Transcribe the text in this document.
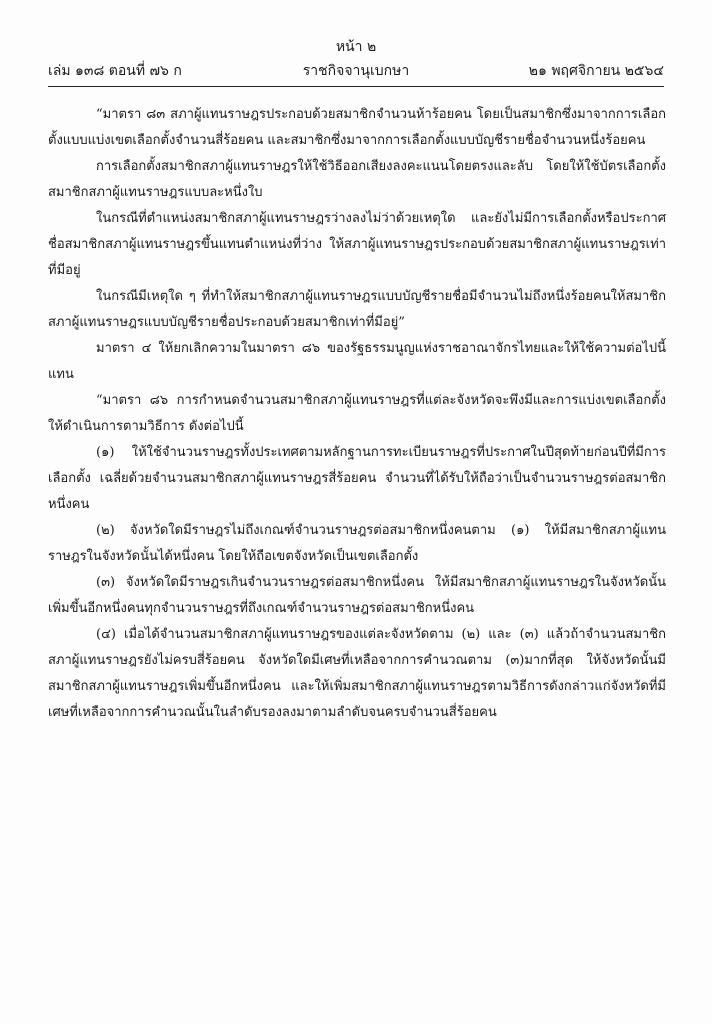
หน้า ๒
เล่ม ๑๓๘ ตอนที่ ๗๖ ก	ราชกิจจานุเบกษา	๒๑ พฤศจิกายน ๒๕๖๔

“มาตรา ๘๓ สภาผู้แทนราษฎรประกอบด้วยสมาชิกจำนวนห้าร้อยคน โดยเป็นสมาชิกซึ่งมาจากการเลือกตั้งแบบแบ่งเขตเลือกตั้งจำนวนสี่ร้อยคน และสมาชิกซึ่งมาจากการเลือกตั้งแบบบัญชีรายชื่อจำนวนหนึ่งร้อยคน

การเลือกตั้งสมาชิกสภาผู้แทนราษฎรให้ใช้วิธีออกเสียงลงคะแนนโดยตรงและลับ โดยให้ใช้บัตรเลือกตั้งสมาชิกสภาผู้แทนราษฎรแบบละหนึ่งใบ

ในกรณีที่ตำแหน่งสมาชิกสภาผู้แทนราษฎรว่างลงไม่ว่าด้วยเหตุใด และยังไม่มีการเลือกตั้งหรือประกาศชื่อสมาชิกสภาผู้แทนราษฎรขึ้นแทนตำแหน่งที่ว่าง ให้สภาผู้แทนราษฎรประกอบด้วยสมาชิกสภาผู้แทนราษฎรเท่าที่มีอยู่

ในกรณีมีเหตุใด ๆ ที่ทำให้สมาชิกสภาผู้แทนราษฎรแบบบัญชีรายชื่อมีจำนวนไม่ถึงหนึ่งร้อยคนให้สมาชิกสภาผู้แทนราษฎรแบบบัญชีรายชื่อประกอบด้วยสมาชิกเท่าที่มีอยู่”

มาตรา ๔ ให้ยกเลิกความในมาตรา ๘๖ ของรัฐธรรมนูญแห่งราชอาณาจักรไทยและให้ใช้ความต่อไปนี้แทน

“มาตรา ๘๖ การกำหนดจำนวนสมาชิกสภาผู้แทนราษฎรที่แต่ละจังหวัดจะพึงมีและการแบ่งเขตเลือกตั้ง ให้ดำเนินการตามวิธีการ ดังต่อไปนี้

(๑) ให้ใช้จำนวนราษฎรทั้งประเทศตามหลักฐานการทะเบียนราษฎรที่ประกาศในปีสุดท้ายก่อนปีที่มีการเลือกตั้ง เฉลี่ยด้วยจำนวนสมาชิกสภาผู้แทนราษฎรสี่ร้อยคน จำนวนที่ได้รับให้ถือว่าเป็นจำนวนราษฎรต่อสมาชิกหนึ่งคน

(๒) จังหวัดใดมีราษฎรไม่ถึงเกณฑ์จำนวนราษฎรต่อสมาชิกหนึ่งคนตาม (๑) ให้มีสมาชิกสภาผู้แทนราษฎรในจังหวัดนั้นได้หนึ่งคน โดยให้ถือเขตจังหวัดเป็นเขตเลือกตั้ง

(๓) จังหวัดใดมีราษฎรเกินจำนวนราษฎรต่อสมาชิกหนึ่งคน ให้มีสมาชิกสภาผู้แทนราษฎรในจังหวัดนั้นเพิ่มขึ้นอีกหนึ่งคนทุกจำนวนราษฎรที่ถึงเกณฑ์จำนวนราษฎรต่อสมาชิกหนึ่งคน

(๔) เมื่อได้จำนวนสมาชิกสภาผู้แทนราษฎรของแต่ละจังหวัดตาม (๒) และ (๓) แล้วถ้าจำนวนสมาชิกสภาผู้แทนราษฎรยังไม่ครบสี่ร้อยคน จังหวัดใดมีเศษที่เหลือจากการคำนวณตาม (๓)มากที่สุด ให้จังหวัดนั้นมีสมาชิกสภาผู้แทนราษฎรเพิ่มขึ้นอีกหนึ่งคน และให้เพิ่มสมาชิกสภาผู้แทนราษฎรตามวิธีการดังกล่าวแก่จังหวัดที่มีเศษที่เหลือจากการคำนวณนั้นในลำดับรองลงมาตามลำดับจนครบจำนวนสี่ร้อยคน
